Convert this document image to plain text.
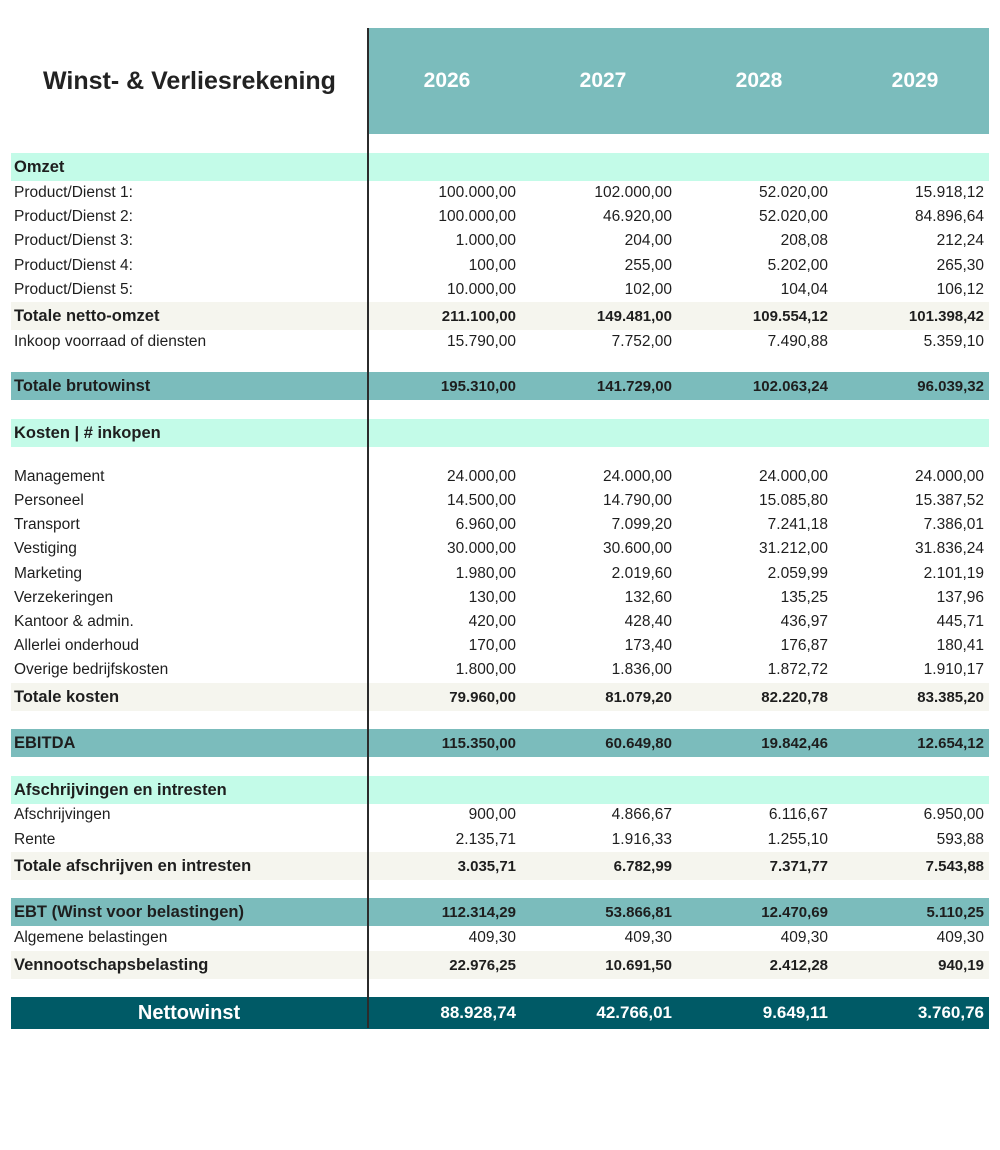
Winst- & Verliesrekening	2026	2027	2028	2029
Omzet
Product/Dienst 1:	100.000,00	102.000,00	52.020,00	15.918,12
Product/Dienst 2:	100.000,00	46.920,00	52.020,00	84.896,64
Product/Dienst 3:	1.000,00	204,00	208,08	212,24
Product/Dienst 4:	100,00	255,00	5.202,00	265,30
Product/Dienst 5:	10.000,00	102,00	104,04	106,12
Totale netto-omzet	211.100,00	149.481,00	109.554,12	101.398,42
Inkoop voorraad of diensten	15.790,00	7.752,00	7.490,88	5.359,10
Totale brutowinst	195.310,00	141.729,00	102.063,24	96.039,32
Kosten | # inkopen
Management	24.000,00	24.000,00	24.000,00	24.000,00
Personeel	14.500,00	14.790,00	15.085,80	15.387,52
Transport	6.960,00	7.099,20	7.241,18	7.386,01
Vestiging	30.000,00	30.600,00	31.212,00	31.836,24
Marketing	1.980,00	2.019,60	2.059,99	2.101,19
Verzekeringen	130,00	132,60	135,25	137,96
Kantoor & admin.	420,00	428,40	436,97	445,71
Allerlei onderhoud	170,00	173,40	176,87	180,41
Overige bedrijfskosten	1.800,00	1.836,00	1.872,72	1.910,17
Totale kosten	79.960,00	81.079,20	82.220,78	83.385,20
EBITDA	115.350,00	60.649,80	19.842,46	12.654,12
Afschrijvingen en intresten
Afschrijvingen	900,00	4.866,67	6.116,67	6.950,00
Rente	2.135,71	1.916,33	1.255,10	593,88
Totale afschrijven en intresten	3.035,71	6.782,99	7.371,77	7.543,88
EBT (Winst voor belastingen)	112.314,29	53.866,81	12.470,69	5.110,25
Algemene belastingen	409,30	409,30	409,30	409,30
Vennootschapsbelasting	22.976,25	10.691,50	2.412,28	940,19
Nettowinst	88.928,74	42.766,01	9.649,11	3.760,76
